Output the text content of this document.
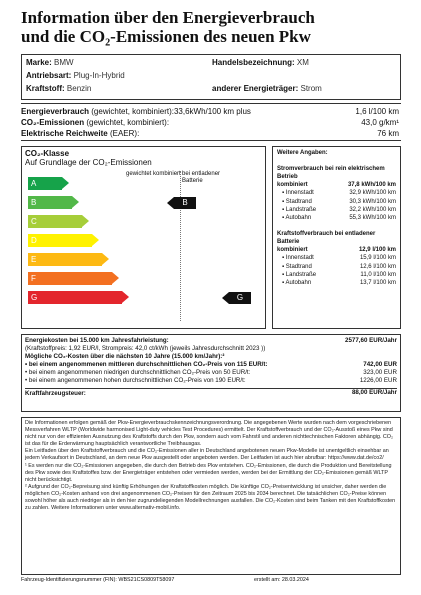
Information über den Energieverbrauch
und die CO₂-Emissionen des neuen Pkw
Marke: BMW
Antriebsart: Plug-In-Hybrid
Kraftstoff: Benzin
Handelsbezeichnung: XM
anderer Energieträger: Strom
Energieverbrauch (gewichtet, kombiniert):33,6kWh/100 km plus	1,6 l/100 km
CO₂-Emissionen (gewichtet, kombiniert):	43,0 g/km¹
Elektrische Reichweite (EAER):	76 km
CO₂-Klasse
Auf Grundlage der CO₂-Emissionen
gewichtet kombiniert bei entladener Batterie
A
B
C
D
E
F
G
B
G
Weitere Angaben:
Stromverbrauch bei rein elektrischem Betrieb
kombiniert	37,8 kWh/100 km
▪ Innenstadt	32,9 kWh/100 km
▪ Stadtrand	30,3 kWh/100 km
▪ Landstraße	32,2 kWh/100 km
▪ Autobahn	55,3 kWh/100 km
Kraftstoffverbrauch bei entladener Batterie
kombiniert	12,9 l/100 km
▪ Innenstadt	15,9 l/100 km
▪ Stadtrand	12,6 l/100 km
▪ Landstraße	11,0 l/100 km
▪ Autobahn	13,7 l/100 km
Energiekosten bei 15.000 km Jahresfahrleistung:	2577,60 EUR/Jahr
(Kraftstoffpreis: 1,92 EUR/l, Strompreis: 42,0 ct/kWh (jeweils Jahresdurchschnitt 2023 ))
Mögliche CO₂-Kosten über die nächsten 10 Jahre (15.000 km/Jahr):²
• bei einem angenommenen mittleren durchschnittlichen CO₂-Preis von 115 EUR/t:	742,00 EUR
• bei einem angenommenen niedrigen durchschnittlichen CO₂-Preis von 50 EUR/t:	323,00 EUR
• bei einem angenommenen hohen durchschnittlichen CO₂-Preis von 190 EUR/t:	1226,00 EUR
Kraftfahrzeugsteuer:	88,00 EUR/Jahr

Die Informationen erfolgen gemäß der Pkw-Energieverbrauchskennzeichnungsverordnung. Die angegebenen Werte wurden nach dem vorgeschriebenen Messverfahren WLTP (Worldwide harmonised Light-duty vehicles Test Procedures) ermittelt. Der Kraftstoffverbrauch und der CO₂-Ausstoß eines Pkw sind nicht nur von der effizienten Ausnutzung des Kraftstoffs durch den Pkw, sondern auch vom Fahrstil und anderen nichttechnischen Faktoren abhängig. CO₂ ist das für die Erderwärmung hauptsächlich verantwortliche Treibhausgas.

Ein Leitfaden über den Kraftstoffverbrauch und die CO₂-Emissionen aller in Deutschland angebotenen neuen Pkw-Modelle ist unentgeltlich einsehbar an jedem Verkaufsort in Deutschland, an dem neue Pkw ausgestellt oder angeboten werden. Der Leitfaden ist auch hier abrufbar: https://www.dat.de/co2/

¹ Es werden nur die CO₂-Emissionen angegeben, die durch den Betrieb des Pkw entstehen. CO₂-Emissionen, die durch die Produktion und Bereitstellung des Pkw sowie des Kraftstoffes bzw. der Energieträger entstehen oder vermieden werden, werden bei der Ermittlung der CO₂-Emissionen gemäß WLTP nicht berücksichtigt.

² Aufgrund der CO₂-Bepreisung sind künftig Erhöhungen der Kraftstoffkosten möglich. Die künftige CO₂-Preisentwicklung ist unsicher, daher werden die möglichen CO₂-Kosten anhand von drei angenommenen CO₂-Preisen für den Zeitraum 2025 bis 2034 berechnet. Die tatsächlichen CO₂-Preise können sowohl höher als auch niedriger als in den hier zugrundeliegenden Modellrechnungen ausfallen. Die CO₂-Kosten sind beim Tanken mit den Kraftstoffkosten zu zahlen. Weitere Informationen unter www.alternativ-mobil.info.

Fahrzeug-Identifizierungsnummer (FIN): WBS21CS0809T58097	erstellt am: 28.03.2024
